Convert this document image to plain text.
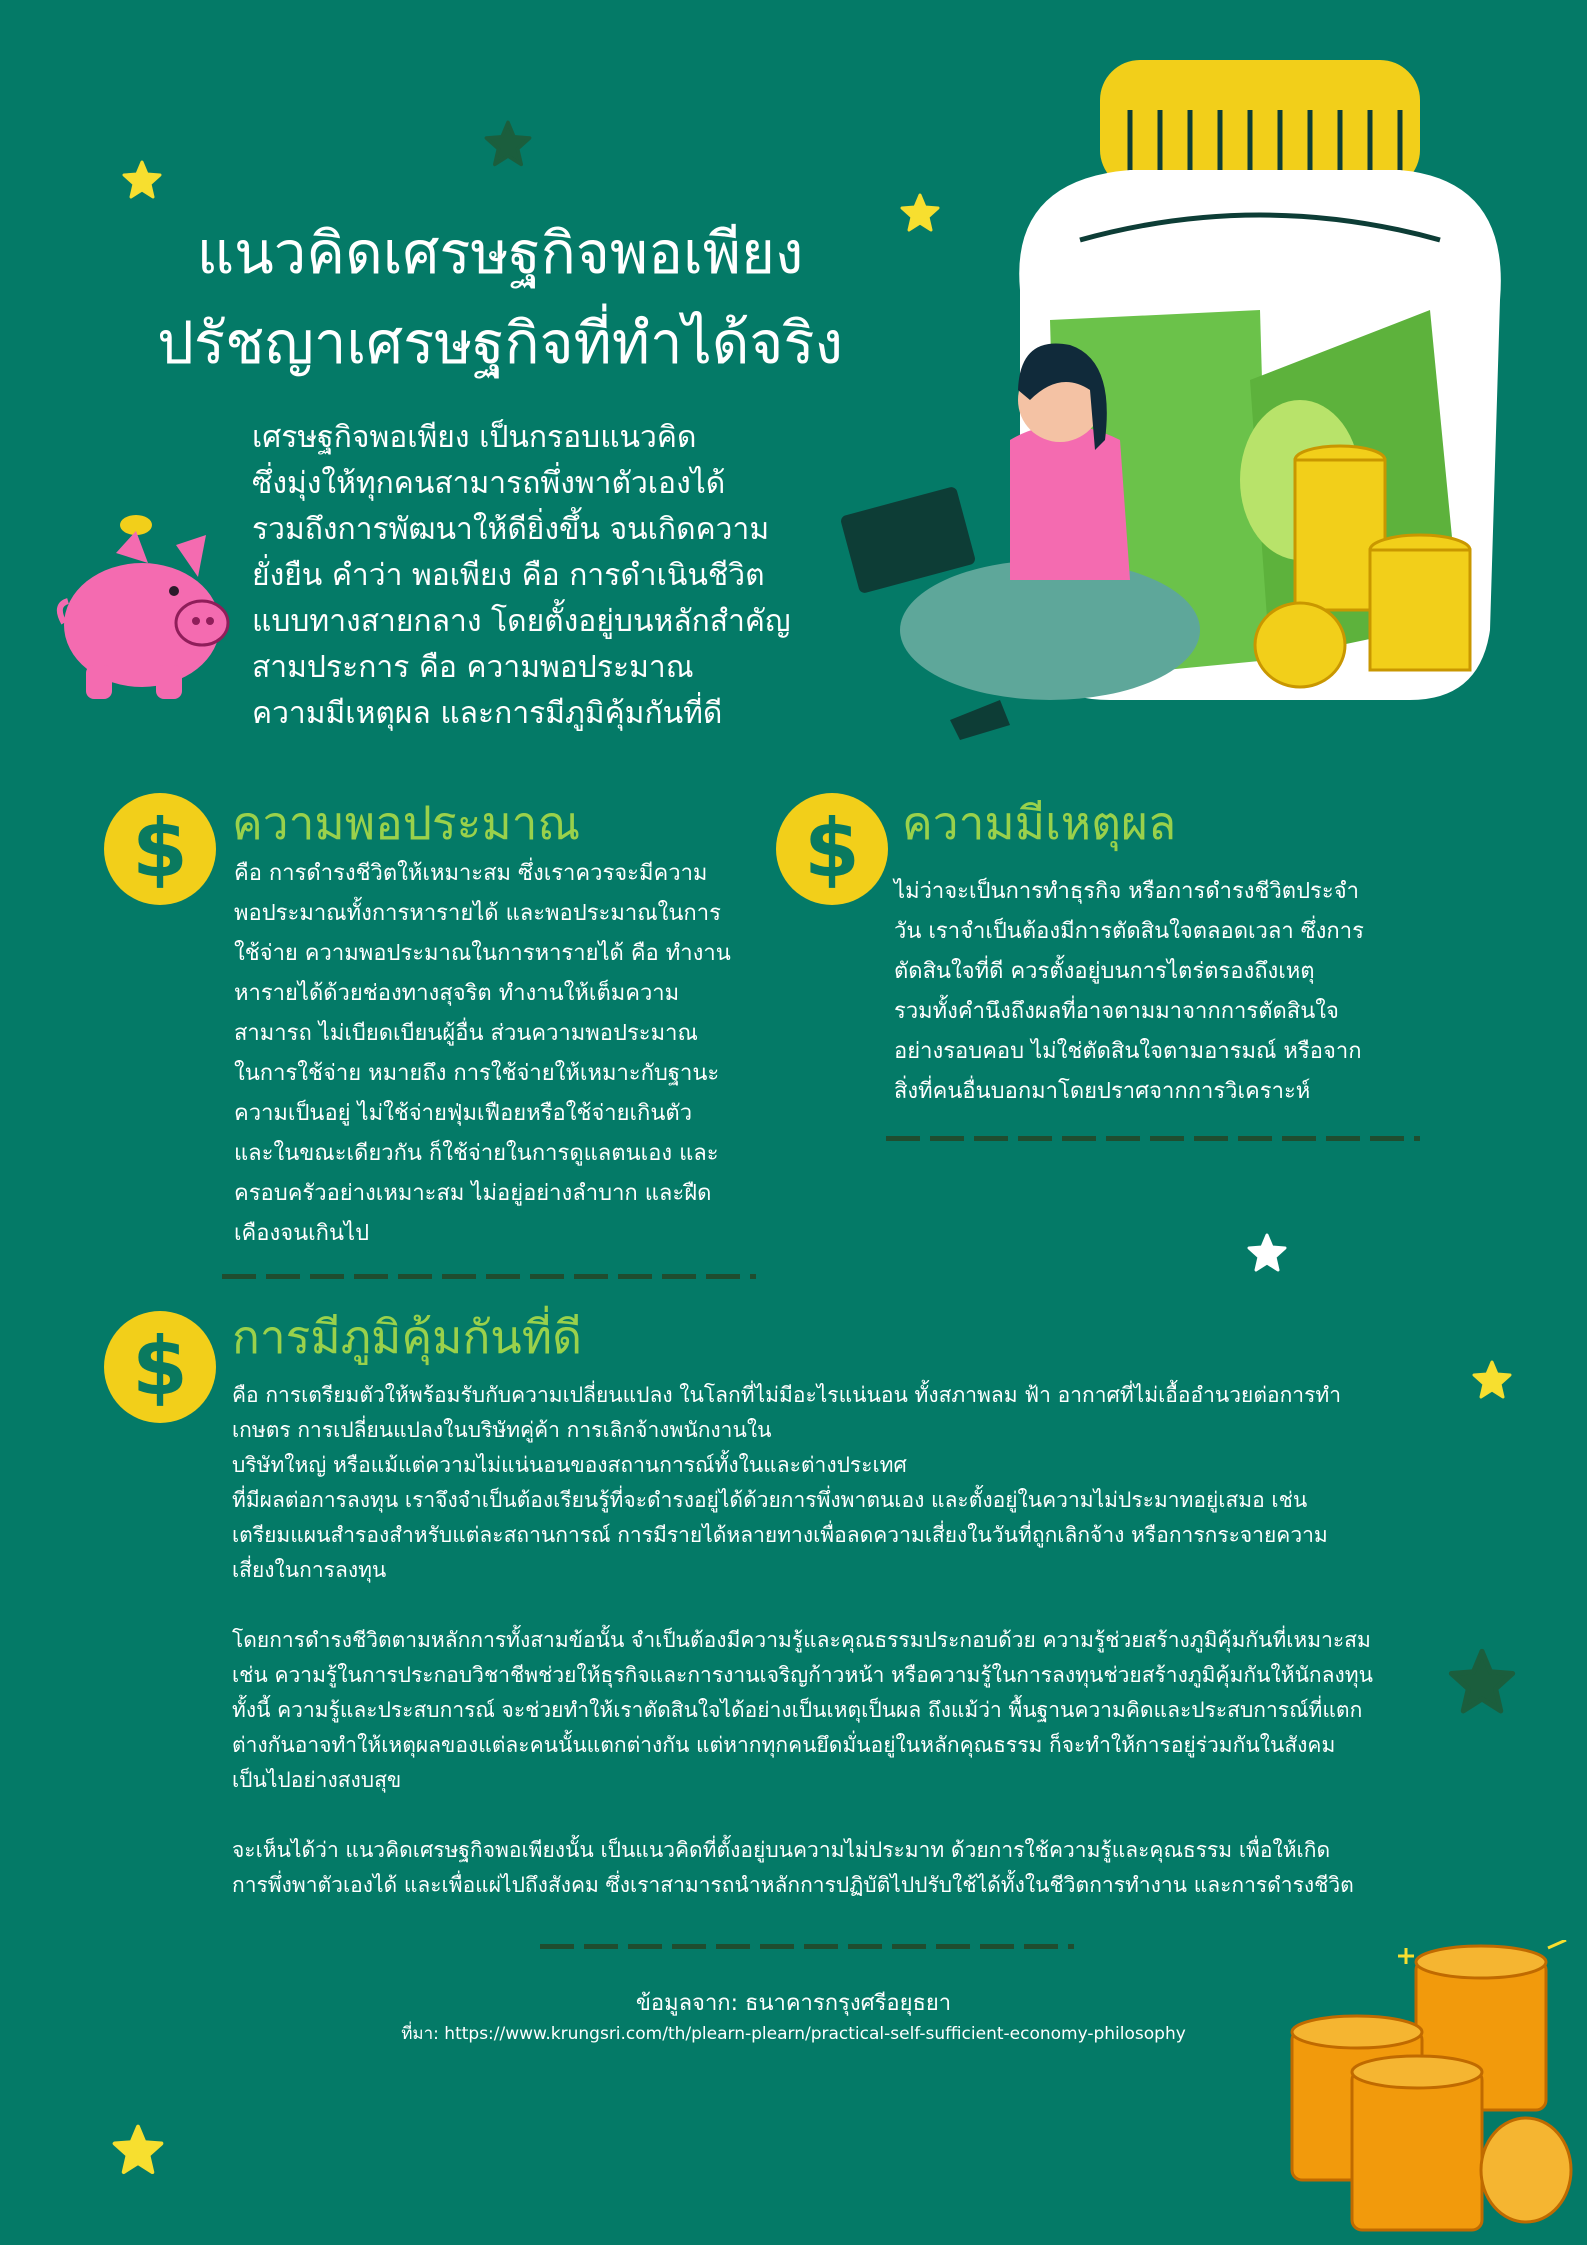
แนวคิดเศรษฐกิจพอเพียง
ปรัชญาเศรษฐกิจที่ทำได้จริง
เศรษฐกิจพอเพียง เป็นกรอบแนวคิด
ซึ่งมุ่งให้ทุกคนสามารถพึ่งพาตัวเองได้
รวมถึงการพัฒนาให้ดียิ่งขึ้น จนเกิดความ
ยั่งยืน คำว่า พอเพียง คือ การดำเนินชีวิต
แบบทางสายกลาง โดยตั้งอยู่บนหลักสำคัญ
สามประการ คือ ความพอประมาณ
ความมีเหตุผล และการมีภูมิคุ้มกันที่ดี
$ ความพอประมาณ
คือ การดำรงชีวิตให้เหมาะสม ซึ่งเราควรจะมีความ
พอประมาณทั้งการหารายได้ และพอประมาณในการ
ใช้จ่าย ความพอประมาณในการหารายได้ คือ ทำงาน
หารายได้ด้วยช่องทางสุจริต ทำงานให้เต็มความ
สามารถ ไม่เบียดเบียนผู้อื่น ส่วนความพอประมาณ
ในการใช้จ่าย หมายถึง การใช้จ่ายให้เหมาะกับฐานะ
ความเป็นอยู่ ไม่ใช้จ่ายฟุ่มเฟือยหรือใช้จ่ายเกินตัว
และในขณะเดียวกัน ก็ใช้จ่ายในการดูแลตนเอง และ
ครอบครัวอย่างเหมาะสม ไม่อยู่อย่างลำบาก และฝืด
เคืองจนเกินไป
$ ความมีเหตุผล
ไม่ว่าจะเป็นการทำธุรกิจ หรือการดำรงชีวิตประจำ
วัน เราจำเป็นต้องมีการตัดสินใจตลอดเวลา ซึ่งการ
ตัดสินใจที่ดี ควรตั้งอยู่บนการไตร่ตรองถึงเหตุ
รวมทั้งคำนึงถึงผลที่อาจตามมาจากการตัดสินใจ
อย่างรอบคอบ ไม่ใช่ตัดสินใจตามอารมณ์ หรือจาก
สิ่งที่คนอื่นบอกมาโดยปราศจากการวิเคราะห์
$ การมีภูมิคุ้มกันที่ดี
คือ การเตรียมตัวให้พร้อมรับกับความเปลี่ยนแปลง ในโลกที่ไม่มีอะไรแน่นอน ทั้งสภาพลม ฟ้า อากาศที่ไม่เอื้ออำนวยต่อการทำ
เกษตร การเปลี่ยนแปลงในบริษัทคู่ค้า การเลิกจ้างพนักงานใน
บริษัทใหญ่ หรือแม้แต่ความไม่แน่นอนของสถานการณ์ทั้งในและต่างประเทศ
ที่มีผลต่อการลงทุน เราจึงจำเป็นต้องเรียนรู้ที่จะดำรงอยู่ได้ด้วยการพึ่งพาตนเอง และตั้งอยู่ในความไม่ประมาทอยู่เสมอ เช่น
เตรียมแผนสำรองสำหรับแต่ละสถานการณ์ การมีรายได้หลายทางเพื่อลดความเสี่ยงในวันที่ถูกเลิกจ้าง หรือการกระจายความ
เสี่ยงในการลงทุน

โดยการดำรงชีวิตตามหลักการทั้งสามข้อนั้น จำเป็นต้องมีความรู้และคุณธรรมประกอบด้วย ความรู้ช่วยสร้างภูมิคุ้มกันที่เหมาะสม
เช่น ความรู้ในการประกอบวิชาชีพช่วยให้ธุรกิจและการงานเจริญก้าวหน้า หรือความรู้ในการลงทุนช่วยสร้างภูมิคุ้มกันให้นักลงทุน
ทั้งนี้ ความรู้และประสบการณ์ จะช่วยทำให้เราตัดสินใจได้อย่างเป็นเหตุเป็นผล ถึงแม้ว่า พื้นฐานความคิดและประสบการณ์ที่แตก
ต่างกันอาจทำให้เหตุผลของแต่ละคนนั้นแตกต่างกัน แต่หากทุกคนยึดมั่นอยู่ในหลักคุณธรรม ก็จะทำให้การอยู่ร่วมกันในสังคม
เป็นไปอย่างสงบสุข

จะเห็นได้ว่า แนวคิดเศรษฐกิจพอเพียงนั้น เป็นแนวคิดที่ตั้งอยู่บนความไม่ประมาท ด้วยการใช้ความรู้และคุณธรรม เพื่อให้เกิด
การพึ่งพาตัวเองได้ และเพื่อแผ่ไปถึงสังคม ซึ่งเราสามารถนำหลักการปฏิบัติไปปรับใช้ได้ทั้งในชีวิตการทำงาน และการดำรงชีวิต
ข้อมูลจาก: ธนาคารกรุงศรีอยุธยา
ที่มา: https://www.krungsri.com/th/plearn-plearn/practical-self-sufficient-economy-philosophy
